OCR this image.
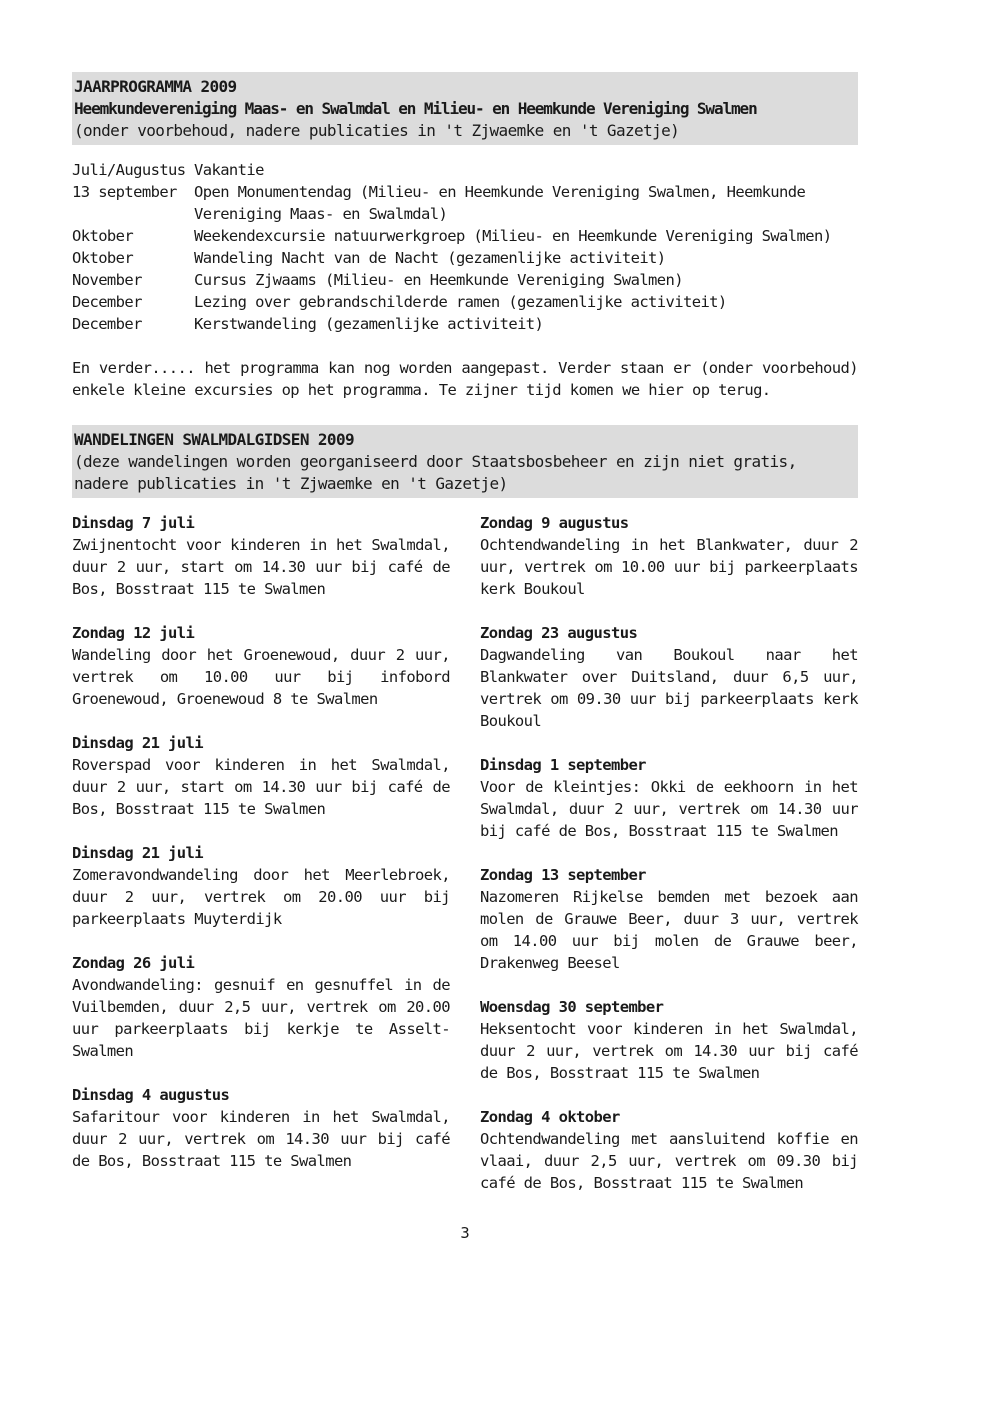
JAARPROGRAMMA 2009

Heemkundevereniging Maas- en Swalmdal en Milieu- en Heemkunde Vereniging Swalmen

(onder voorbehoud, nadere publicaties in 't Zjwaemke en 't Gazetje)

Juli/Augustus Vakantie
13 september	Open Monumentendag (Milieu- en Heemkunde Vereniging Swalmen, Heemkunde Vereniging Maas- en Swalmdal)
Oktober	Weekendexcursie natuurwerkgroep (Milieu- en Heemkunde Vereniging Swalmen)
Oktober	Wandeling Nacht van de Nacht (gezamenlijke activiteit)
November	Cursus Zjwaams (Milieu- en Heemkunde Vereniging Swalmen)
December	Lezing over gebrandschilderde ramen (gezamenlijke activiteit)
December	Kerstwandeling (gezamenlijke activiteit)
En verder..... het programma kan nog worden aangepast. Verder staan er (onder voorbehoud) enkele kleine excursies op het programma. Te zijner tijd komen we hier op terug.

WANDELINGEN SWALMDALGIDSEN 2009

(deze wandelingen worden georganiseerd door Staatsbosbeheer en zijn niet gratis, nadere publicaties in 't Zjwaemke en 't Gazetje)

Dinsdag 7 juli
Zwijnentocht voor kinderen in het Swalmdal, duur 2 uur, start om 14.30 uur bij café de Bos, Bosstraat 115 te Swalmen
Zondag 12 juli
Wandeling door het Groenewoud, duur 2 uur, vertrek om 10.00 uur bij infobord Groenewoud, Groenewoud 8 te Swalmen
Dinsdag 21 juli
Roverspad voor kinderen in het Swalmdal, duur 2 uur, start om 14.30 uur bij café de Bos, Bosstraat 115 te Swalmen
Dinsdag 21 juli
Zomeravondwandeling door het Meerlebroek, duur 2 uur, vertrek om 20.00 uur bij parkeerplaats Muyterdijk
Zondag 26 juli
Avondwandeling: gesnuif en gesnuffel in de Vuilbemden, duur 2,5 uur, vertrek om 20.00 uur parkeerplaats bij kerkje te Asselt-Swalmen
Dinsdag 4 augustus
Safaritour voor kinderen in het Swalmdal, duur 2 uur, vertrek om 14.30 uur bij café de Bos, Bosstraat 115 te Swalmen
Zondag 9 augustus
Ochtendwandeling in het Blankwater, duur 2 uur, vertrek om 10.00 uur bij parkeerplaats kerk Boukoul
Zondag 23 augustus
Dagwandeling van Boukoul naar het Blankwater over Duitsland, duur 6,5 uur, vertrek om 09.30 uur bij parkeerplaats kerk Boukoul
Dinsdag 1 september
Voor de kleintjes: Okki de eekhoorn in het Swalmdal, duur 2 uur, vertrek om 14.30 uur bij café de Bos, Bosstraat 115 te Swalmen
Zondag 13 september
Nazomeren Rijkelse bemden met bezoek aan molen de Grauwe Beer, duur 3 uur, vertrek om 14.00 uur bij molen de Grauwe beer, Drakenweg Beesel
Woensdag 30 september
Heksentocht voor kinderen in het Swalmdal, duur 2 uur, vertrek om 14.30 uur bij café de Bos, Bosstraat 115 te Swalmen
Zondag 4 oktober
Ochtendwandeling met aansluitend koffie en vlaai, duur 2,5 uur, vertrek om 09.30 bij café de Bos, Bosstraat 115 te Swalmen
3
